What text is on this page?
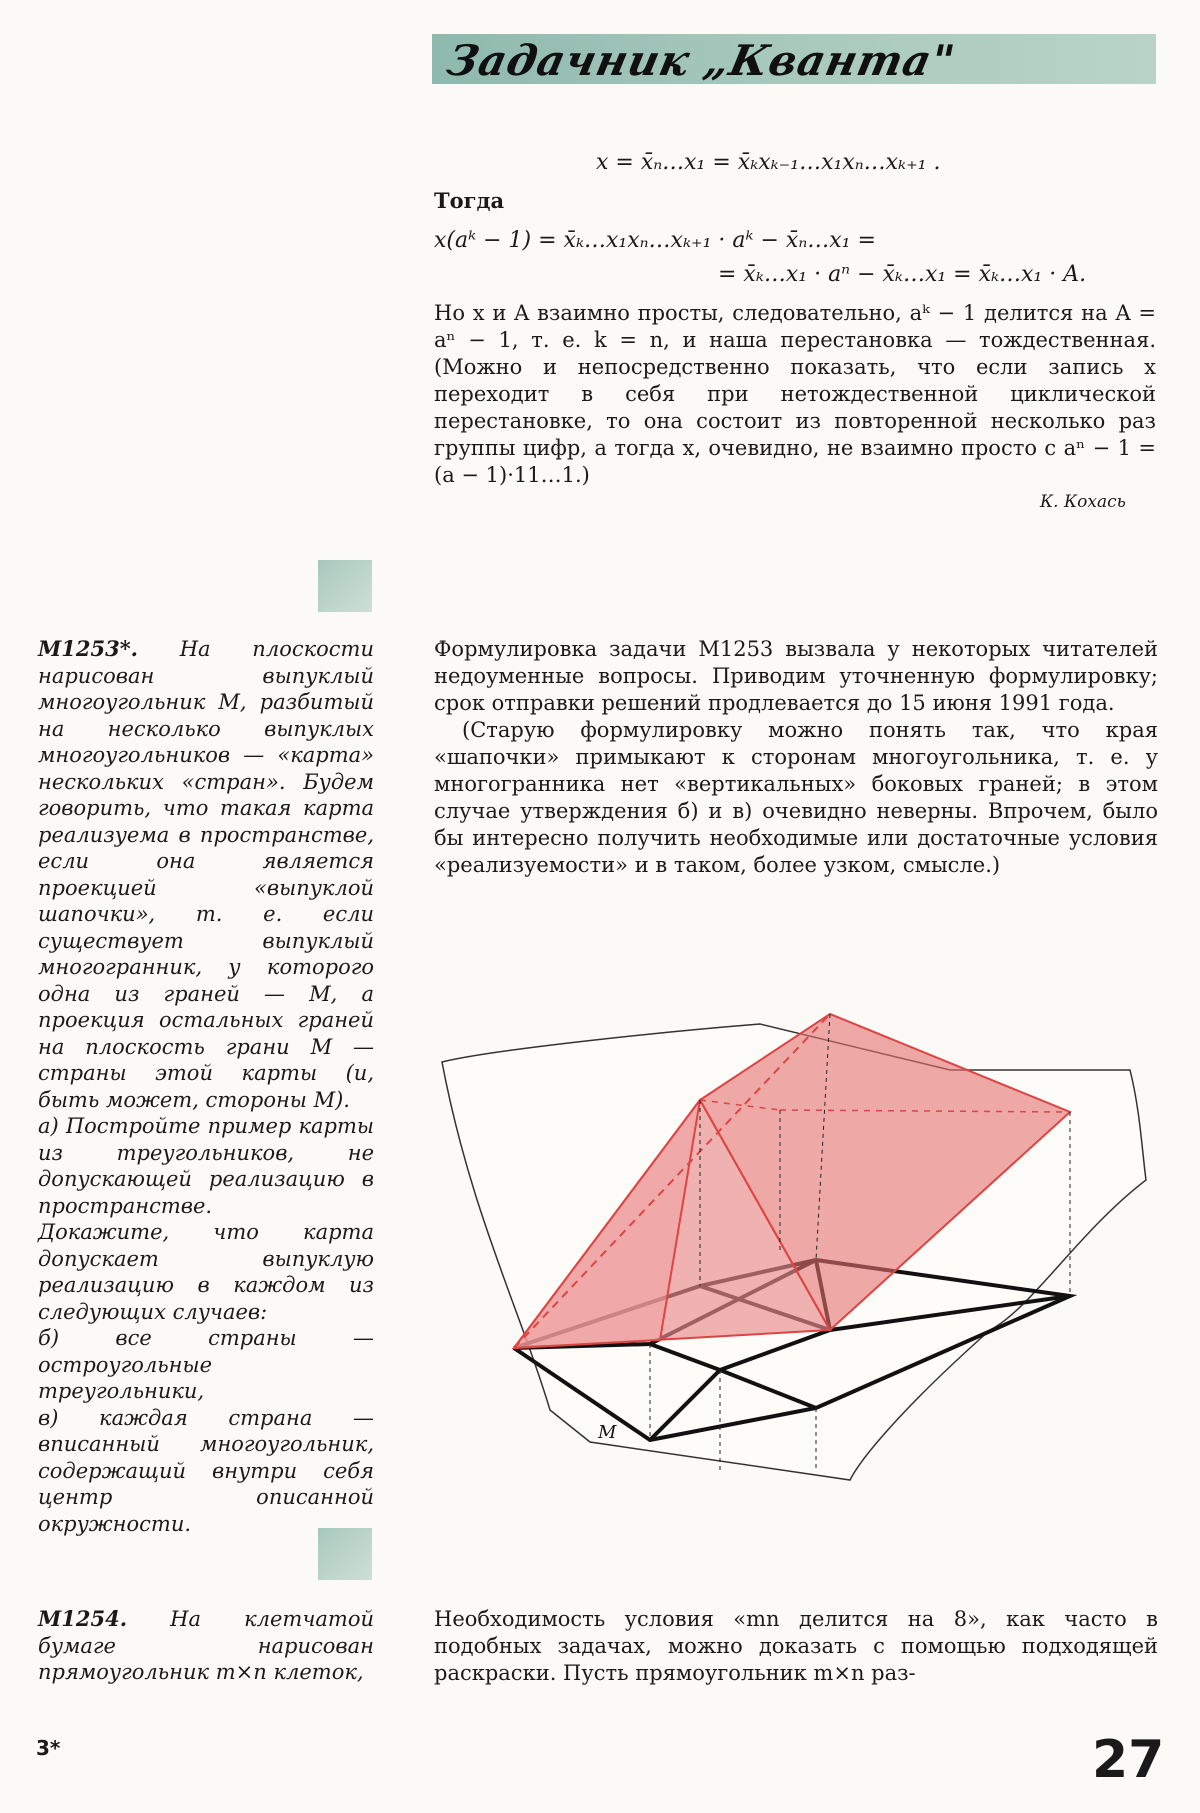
Задачник „Кванта"
x = x̄ₙ…x₁ = x̄ₖxₖ₋₁…x₁xₙ…xₖ₊₁ .
Тогда
x(aᵏ − 1) = x̄ₖ…x₁xₙ…xₖ₊₁ · aᵏ − x̄ₙ…x₁ =
= x̄ₖ…x₁ · aⁿ − x̄ₖ…x₁ = x̄ₖ…x₁ · A.
Но x и A взаимно просты, следовательно, aᵏ − 1 делится на A = aⁿ − 1, т. е. k = n, и наша перестановка — тождественная. (Можно и непосредственно показать, что если запись x переходит в себя при нетождественной циклической перестановке, то она состоит из повторенной несколько раз группы цифр, а тогда x, очевидно, не взаимно просто с aⁿ − 1 = (a − 1)·11…1.)
К. Кохась

М1253*. На плоскости нарисован выпуклый многоугольник M, разбитый на несколько выпуклых многоугольников — «карта» нескольких «стран». Будем говорить, что такая карта реализуема в пространстве, если она является проекцией «выпуклой шапочки», т. е. если существует выпуклый многогранник, у которого одна из граней — M, а проекция остальных граней на плоскость грани M — страны этой карты (и, быть может, стороны M).

а) Постройте пример карты из треугольников, не допускающей реализацию в пространстве.

Докажите, что карта допускает выпуклую реализацию в каждом из следующих случаев:

б) все страны — остроугольные треугольники,

в) каждая страна — вписанный многоугольник, содержащий внутри себя центр описанной окружности.

Формулировка задачи М1253 вызвала у некоторых читателей недоуменные вопросы. Приводим уточненную формулировку; срок отправки решений продлевается до 15 июня 1991 года.

(Старую формулировку можно понять так, что края «шапочки» примыкают к сторонам многоугольника, т. е. у многогранника нет «вертикальных» боковых граней; в этом случае утверждения б) и в) очевидно неверны. Впрочем, было бы интересно получить необходимые или достаточные условия «реализуемости» и в таком, более узком, смысле.)

M

М1254. На клетчатой бумаге нарисован прямоугольник m×n клеток,

Необходимость условия «mn делится на 8», как часто в подобных задачах, можно доказать с помощью подходящей раскраски. Пусть прямоугольник m×n раз-
3*	27
